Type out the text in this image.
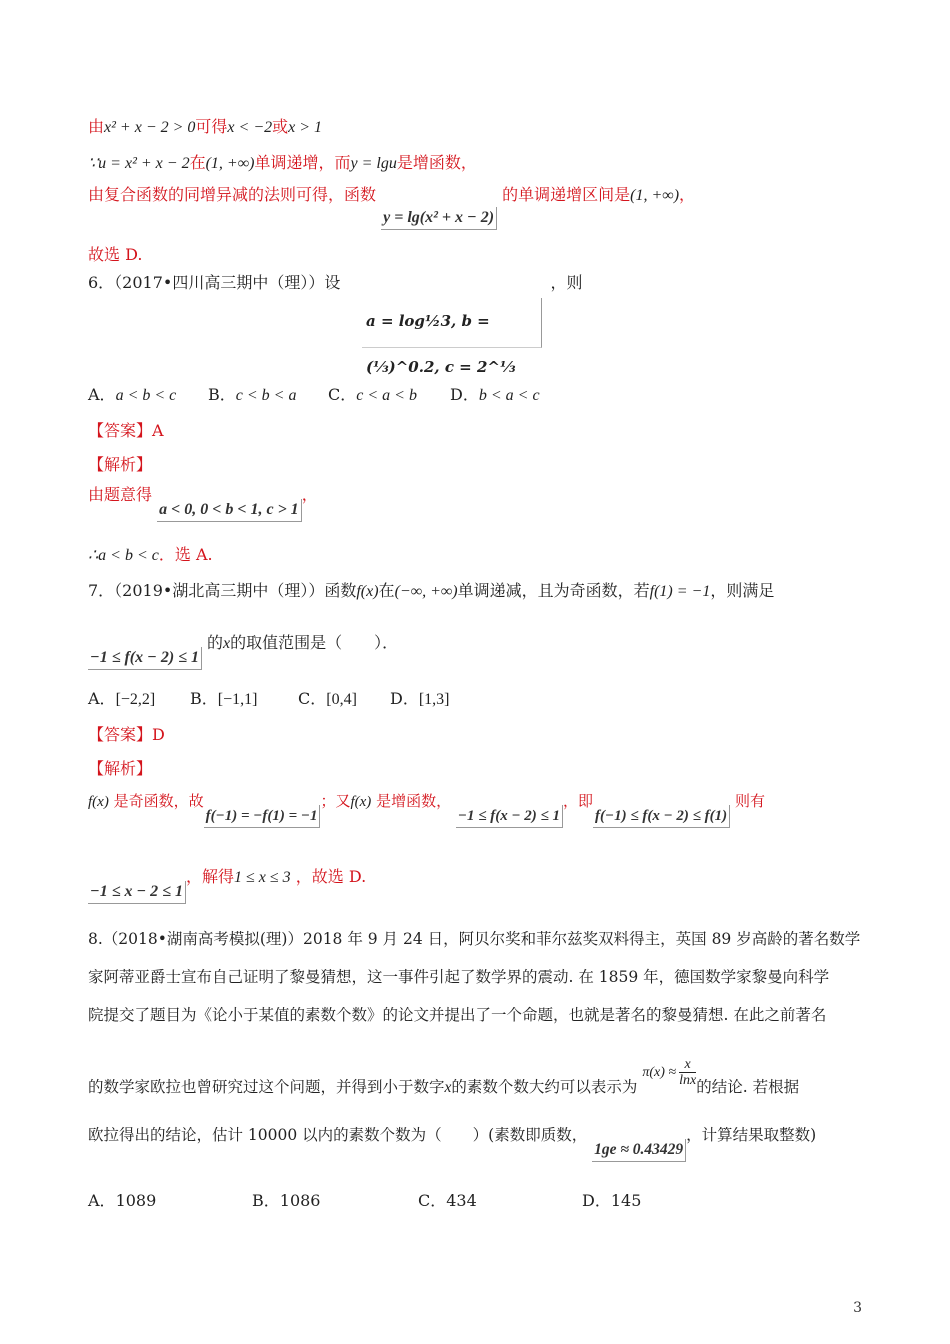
由x² + x − 2 > 0可得x < −2或x > 1
∵u = x² + x − 2在(1, +∞)单调递增，而y = lgu是增函数，
由复合函数的同增异减的法则可得，函数 y = lg(x² + x − 2) 的单调递增区间是(1, +∞)，
故选 D.
6．（2017•四川高三期中（理））设	，则
a = log½3, b = (⅓)^0.2, c = 2^⅓
A．a < b < c B．c < b < a C．c < a < b D．b < a < c
【答案】A
【解析】
由题意得 a < 0, 0 < b < 1, c > 1，
∴a < b < c．选 A.
7．（2019•湖北高三期中（理））函数f(x)在(−∞, +∞)单调递减，且为奇函数，若f(1) = −1，则满足
−1 ≤ f(x − 2) ≤ 1 的x的取值范围是（　　）．
A．[−2,2] B．[−1,1]	C．[0,4] D．[1,3]
【答案】D
【解析】
f(x) 是奇函数，故f(−1) = −f(1) = −1；又f(x) 是增函数， −1 ≤ f(x − 2) ≤ 1，即f(−1) ≤ f(x − 2) ≤ f(1) 则有
−1 ≤ x − 2 ≤ 1，解得1 ≤ x ≤ 3 ，故选 D.
8.（2018•湖南高考模拟(理)）2018 年 9 月 24 日，阿贝尔奖和菲尔兹奖双料得主，英国 89 岁高龄的著名数学
家阿蒂亚爵士宣布自己证明了黎曼猜想，这一事件引起了数学界的震动. 在 1859 年，德国数学家黎曼向科学
院提交了题目为《论小于某值的素数个数》的论文并提出了一个命题，也就是著名的黎曼猜想. 在此之前著名
的数学家欧拉也曾研究过这个问题，并得到小于数字x的素数个数大约可以表示为
$\pi(x) \approx \frac{x}{\ln x}$ 的结论. 若根据
欧拉得出的结论，估计 10000 以内的素数个数为（　　）(素数即质数， 1ge ≈ 0.43429，计算结果取整数)
A．1089	B．1086	C．434	D．145
3
